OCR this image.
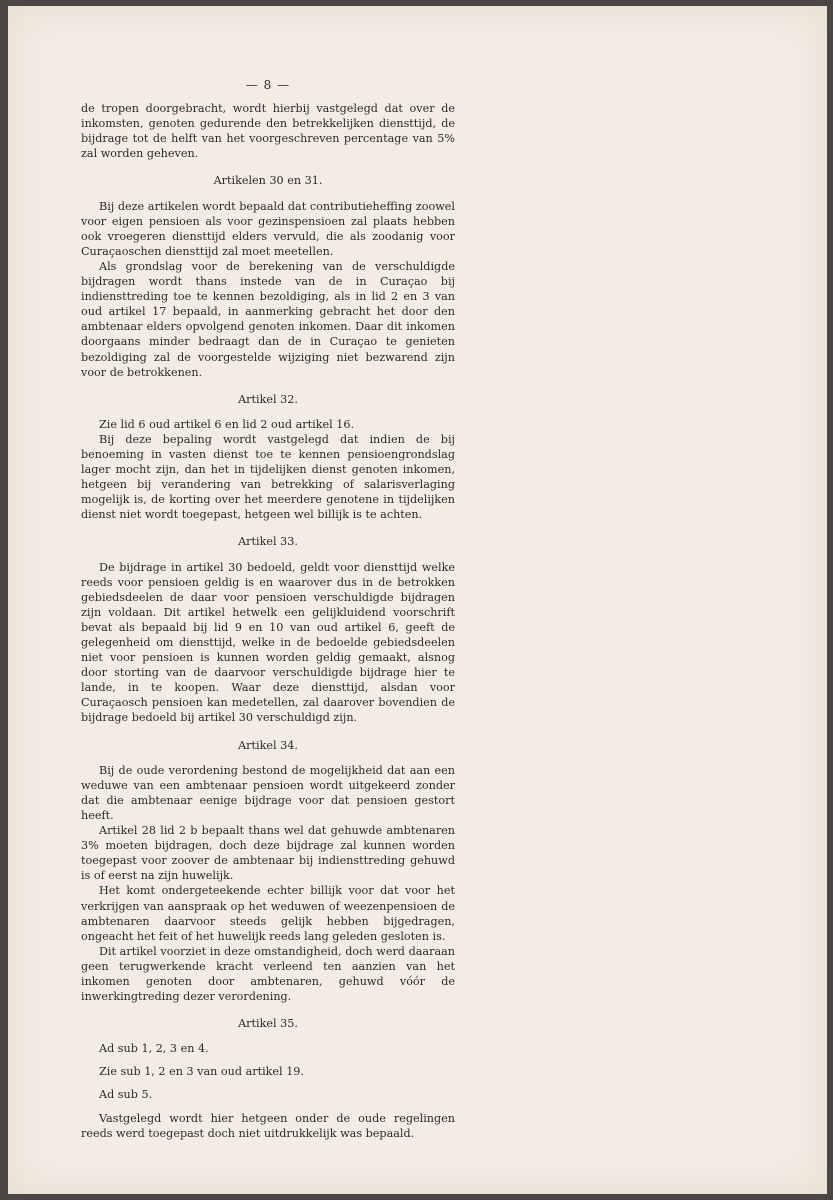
— 8 —

de tropen doorgebracht, wordt hierbij vastgelegd dat over de inkomsten, genoten gedurende den betrekkelijken diensttijd, de bijdrage tot de helft van het voorgeschreven percentage van 5% zal worden geheven.

Artikelen 30 en 31.

Bij deze artikelen wordt bepaald dat contributieheffing zoowel voor eigen pensioen als voor gezinspensioen zal plaats hebben ook vroegeren diensttijd elders vervuld, die als zoodanig voor Curaçaoschen diensttijd zal moet meetellen.

Als grondslag voor de berekening van de verschuldigde bijdragen wordt thans instede van de in Curaçao bij indiensttreding toe te kennen bezoldiging, als in lid 2 en 3 van oud artikel 17 bepaald, in aanmerking gebracht het door den ambtenaar elders opvolgend genoten inkomen. Daar dit inkomen doorgaans minder bedraagt dan de in Curaçao te genieten bezoldiging zal de voorgestelde wijziging niet bezwarend zijn voor de betrokkenen.

Artikel 32.

Zie lid 6 oud artikel 6 en lid 2 oud artikel 16.

Bij deze bepaling wordt vastgelegd dat indien de bij benoeming in vasten dienst toe te kennen pensioengrondslag lager mocht zijn, dan het in tijdelijken dienst genoten inkomen, hetgeen bij verandering van betrekking of salarisverlaging mogelijk is, de korting over het meerdere genotene in tijdelijken dienst niet wordt toegepast, hetgeen wel billijk is te achten.

Artikel 33.

De bijdrage in artikel 30 bedoeld, geldt voor diensttijd welke reeds voor pensioen geldig is en waarover dus in de betrokken gebiedsdeelen de daar voor pensioen verschuldigde bijdragen zijn voldaan. Dit artikel hetwelk een gelijkluidend voorschrift bevat als bepaald bij lid 9 en 10 van oud artikel 6, geeft de gelegenheid om diensttijd, welke in de bedoelde gebiedsdeelen niet voor pensioen is kunnen worden geldig gemaakt, alsnog door storting van de daarvoor verschuldigde bijdrage hier te lande, in te koopen. Waar deze diensttijd, alsdan voor Curaçaosch pensioen kan medetellen, zal daarover bovendien de bijdrage bedoeld bij artikel 30 verschuldigd zijn.

Artikel 34.

Bij de oude verordening bestond de mogelijkheid dat aan een weduwe van een ambtenaar pensioen wordt uitgekeerd zonder dat die ambtenaar eenige bijdrage voor dat pensioen gestort heeft.

Artikel 28 lid 2 b bepaalt thans wel dat gehuwde ambtenaren 3% moeten bijdragen, doch deze bijdrage zal kunnen worden toegepast voor zoover de ambtenaar bij indiensttreding gehuwd is of eerst na zijn huwelijk.

Het komt ondergeteekende echter billijk voor dat voor het verkrijgen van aanspraak op het weduwen of weezenpensioen de ambtenaren daarvoor steeds gelijk hebben bijgedragen, ongeacht het feit of het huwelijk reeds lang geleden gesloten is.

Dit artikel voorziet in deze omstandigheid, doch werd daaraan geen terugwerkende kracht verleend ten aanzien van het inkomen genoten door ambtenaren, gehuwd vóór de inwerkingtreding dezer verordening.

Artikel 35.

Ad sub 1, 2, 3 en 4.

Zie sub 1, 2 en 3 van oud artikel 19.

Ad sub 5.

Vastgelegd wordt hier hetgeen onder de oude regelingen reeds werd toegepast doch niet uitdrukkelijk was bepaald.
